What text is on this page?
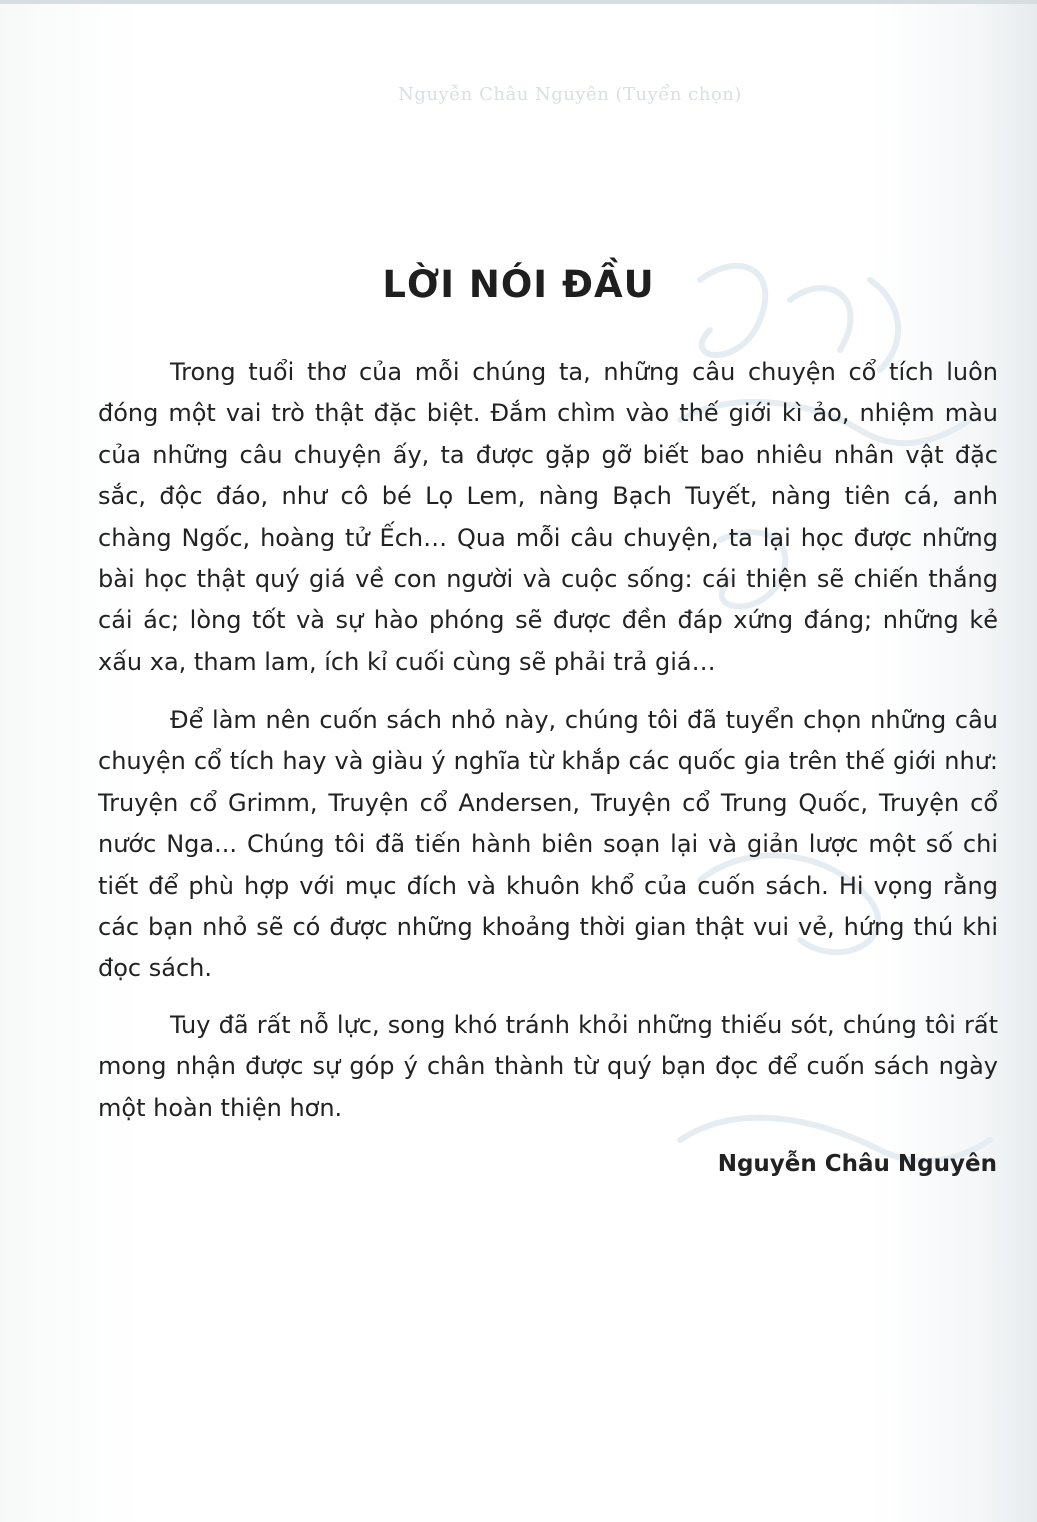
Nguyễn Châu Nguyên (Tuyển chọn)
LỜI NÓI ĐẦU

Trong tuổi thơ của mỗi chúng ta, những câu chuyện cổ tích luôn đóng một vai trò thật đặc biệt. Đắm chìm vào thế giới kì ảo, nhiệm màu của những câu chuyện ấy, ta được gặp gỡ biết bao nhiêu nhân vật đặc sắc, độc đáo, như cô bé Lọ Lem, nàng Bạch Tuyết, nàng tiên cá, anh chàng Ngốc, hoàng tử Ếch… Qua mỗi câu chuyện, ta lại học được những bài học thật quý giá về con người và cuộc sống: cái thiện sẽ chiến thắng cái ác; lòng tốt và sự hào phóng sẽ được đền đáp xứng đáng; những kẻ xấu xa, tham lam, ích kỉ cuối cùng sẽ phải trả giá…

Để làm nên cuốn sách nhỏ này, chúng tôi đã tuyển chọn những câu chuyện cổ tích hay và giàu ý nghĩa từ khắp các quốc gia trên thế giới như: Truyện cổ Grimm, Truyện cổ Andersen, Truyện cổ Trung Quốc, Truyện cổ nước Nga... Chúng tôi đã tiến hành biên soạn lại và giản lược một số chi tiết để phù hợp với mục đích và khuôn khổ của cuốn sách. Hi vọng rằng các bạn nhỏ sẽ có được những khoảng thời gian thật vui vẻ, hứng thú khi đọc sách.

Tuy đã rất nỗ lực, song khó tránh khỏi những thiếu sót, chúng tôi rất mong nhận được sự góp ý chân thành từ quý bạn đọc để cuốn sách ngày một hoàn thiện hơn.

Nguyễn Châu Nguyên
